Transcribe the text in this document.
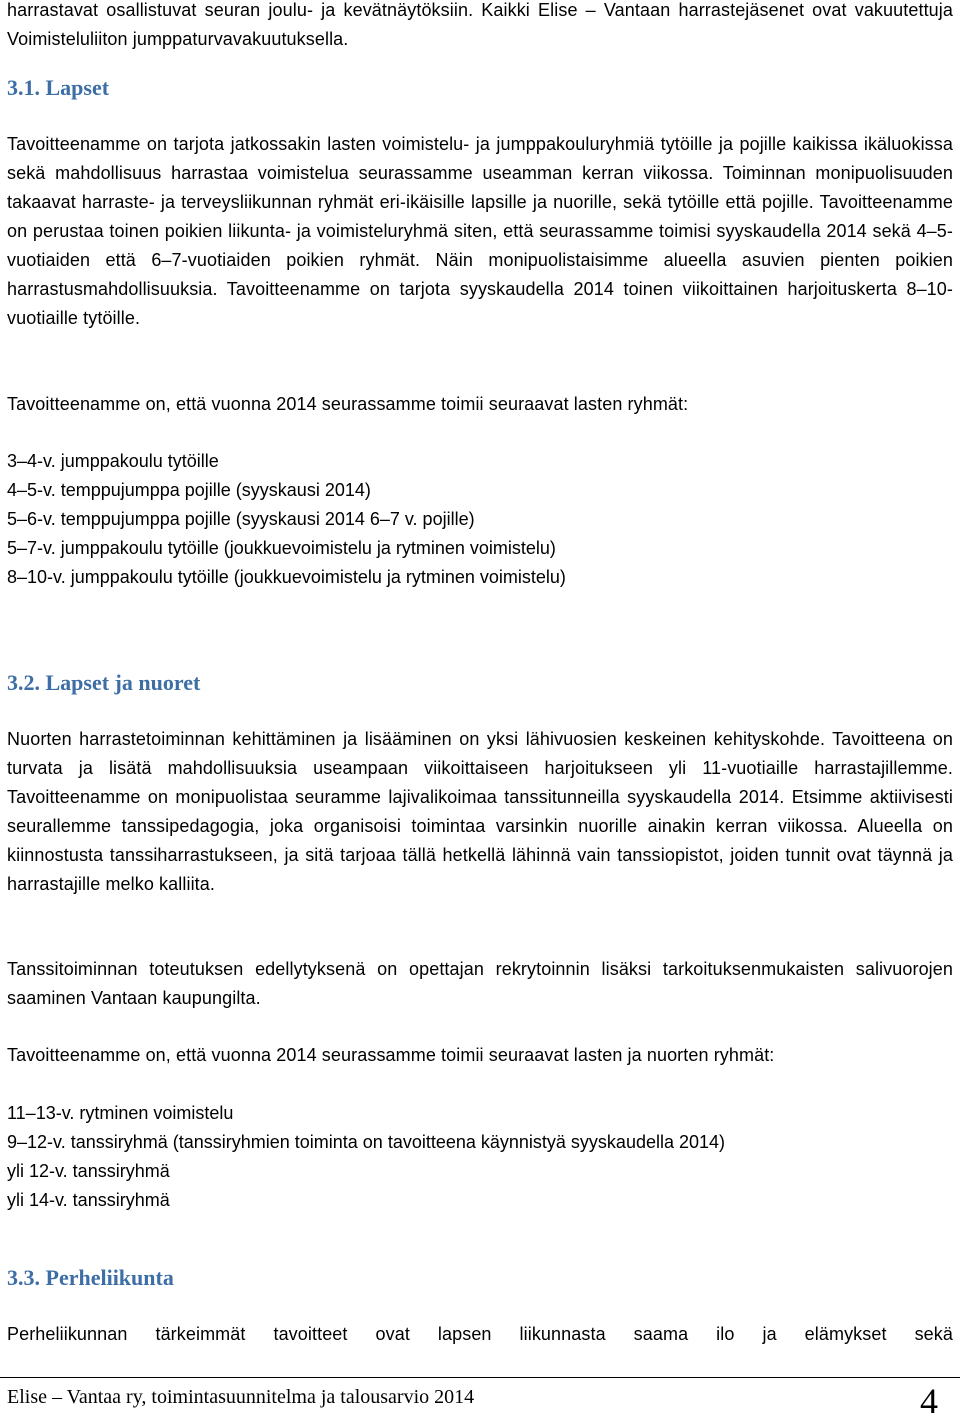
harrastavat osallistuvat seuran joulu- ja kevätnäytöksiin. Kaikki Elise – Vantaan harrastejäsenet ovat vakuutettuja Voimisteluliiton jumppaturvavakuutuksella.

3.1. Lapset

Tavoitteenamme on tarjota jatkossakin lasten voimistelu- ja jumppakouluryhmiä tytöille ja pojille kaikissa ikäluokissa sekä mahdollisuus harrastaa voimistelua seurassamme useamman kerran viikossa. Toiminnan monipuolisuuden takaavat harraste- ja terveysliikunnan ryhmät eri-ikäisille lapsille ja nuorille, sekä tytöille että pojille. Tavoitteenamme on perustaa toinen poikien liikunta- ja voimisteluryhmä siten, että seurassamme toimisi syyskaudella 2014 sekä 4–5-vuotiaiden että 6–7-vuotiaiden poikien ryhmät. Näin monipuolistaisimme alueella asuvien pienten poikien harrastusmahdollisuuksia. Tavoitteenamme on tarjota syyskaudella 2014 toinen viikoittainen harjoituskerta 8–10-vuotiaille tytöille.

Tavoitteenamme on, että vuonna 2014 seurassamme toimii seuraavat lasten ryhmät:

3–4-v. jumppakoulu tytöille
4–5-v. temppujumppa pojille (syyskausi 2014)
5–6-v. temppujumppa pojille (syyskausi 2014 6–7 v. pojille)
5–7-v. jumppakoulu tytöille (joukkuevoimistelu ja rytminen voimistelu)
8–10-v. jumppakoulu tytöille (joukkuevoimistelu ja rytminen voimistelu)
3.2. Lapset ja nuoret

Nuorten harrastetoiminnan kehittäminen ja lisääminen on yksi lähivuosien keskeinen kehityskohde. Tavoitteena on turvata ja lisätä mahdollisuuksia useampaan viikoittaiseen harjoitukseen yli 11-vuotiaille harrastajillemme. Tavoitteenamme on monipuolistaa seuramme lajivalikoimaa tanssitunneilla syyskaudella 2014. Etsimme aktiivisesti seurallemme tanssipedagogia, joka organisoisi toimintaa varsinkin nuorille ainakin kerran viikossa. Alueella on kiinnostusta tanssiharrastukseen, ja sitä tarjoaa tällä hetkellä lähinnä vain tanssiopistot, joiden tunnit ovat täynnä ja harrastajille melko kalliita.

Tanssitoiminnan toteutuksen edellytyksenä on opettajan rekrytoinnin lisäksi tarkoituksenmukaisten salivuorojen saaminen Vantaan kaupungilta.

Tavoitteenamme on, että vuonna 2014 seurassamme toimii seuraavat lasten ja nuorten ryhmät:

11–13-v. rytminen voimistelu
9–12-v. tanssiryhmä (tanssiryhmien toiminta on tavoitteena käynnistyä syyskaudella 2014)
yli 12-v. tanssiryhmä
yli 14-v. tanssiryhmä
3.3. Perheliikunta

Perheliikunnan tärkeimmät tavoitteet ovat lapsen liikunnasta saama ilo ja elämykset sekä

Elise – Vantaa ry, toimintasuunnitelma ja talousarvio 2014	4
